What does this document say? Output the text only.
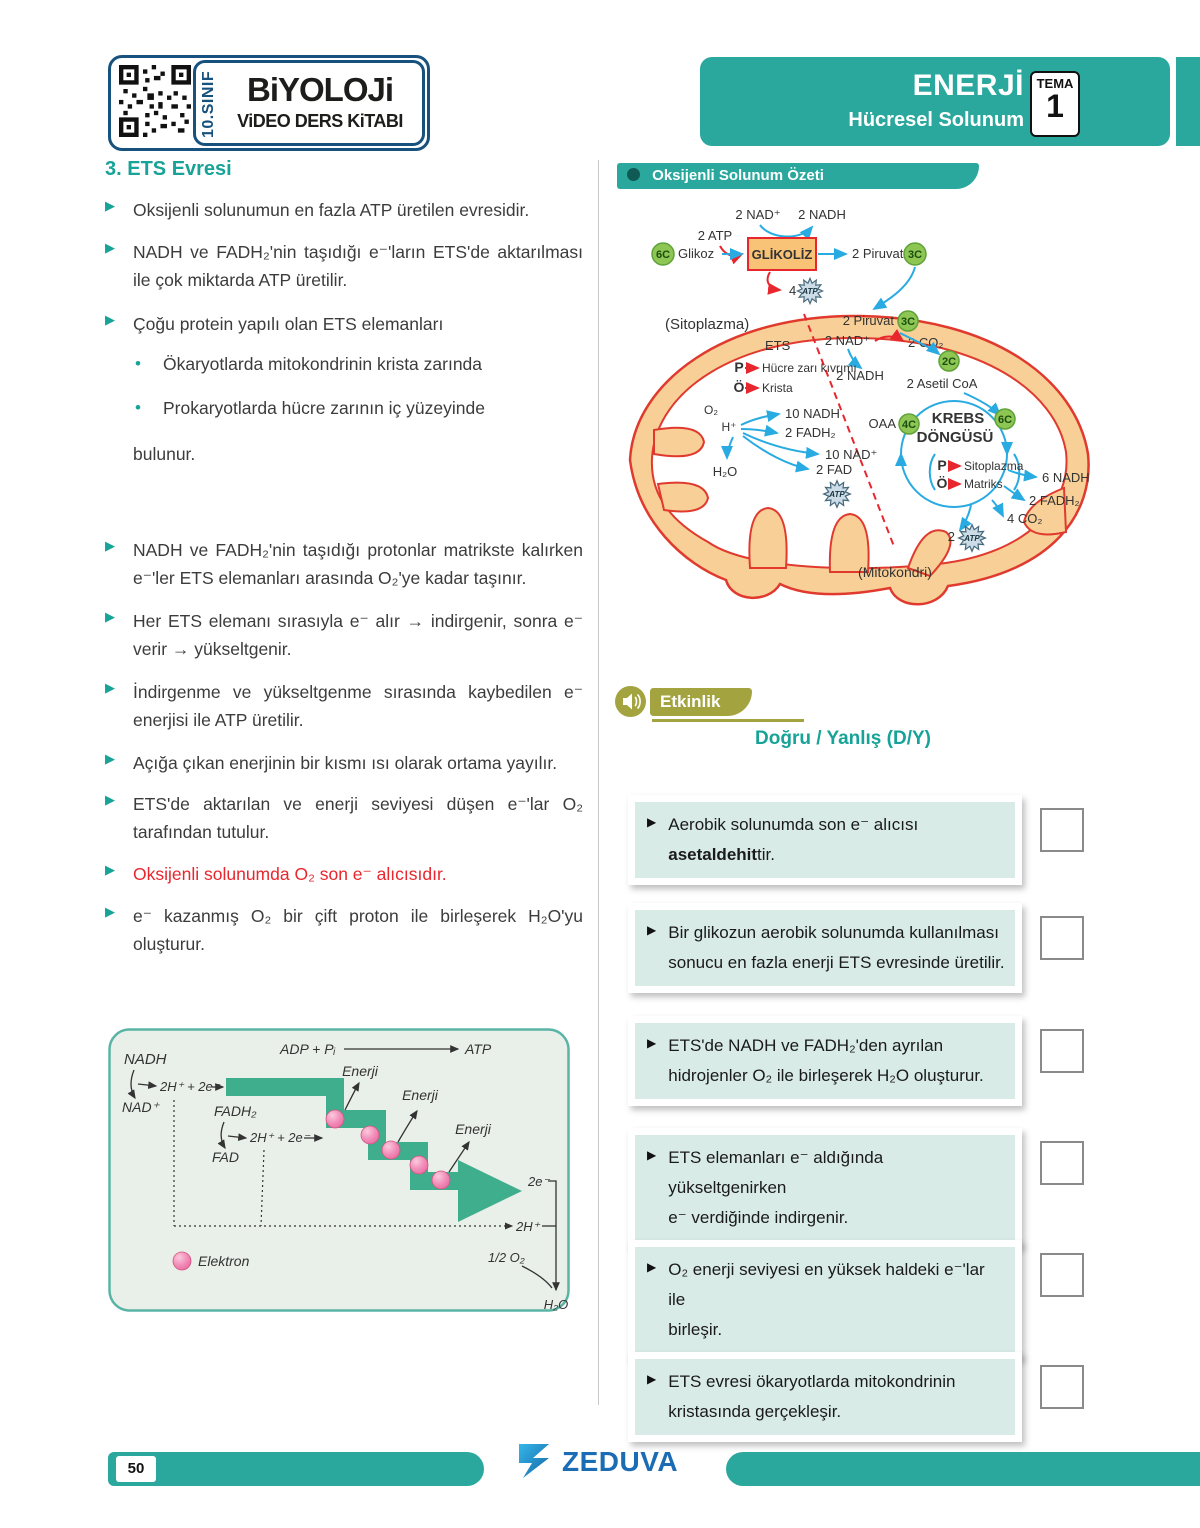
10.SINIF BiYOLOJi
ViDEO DERS KiTABI
ENERJİ
Hücresel Solunum
TEMA
1
3. ETS Evresi
▶ Oksijenli solunumun en fazla ATP üretilen evresidir.

▶ NADH ve FADH₂'nin taşıdığı e⁻'ların ETS'de aktarılması ile çok miktarda ATP üretilir.

▶ Çoğu protein yapılı olan ETS elemanları

• Ökaryotlarda mitokondrinin krista zarında

• Prokaryotlarda hücre zarının iç yüzeyinde

bulunur.
▶ NADH ve FADH₂'nin taşıdığı protonlar matrikste kalırken e⁻'ler ETS elemanları arasında O₂'ye kadar taşınır.

▶ Her ETS elemanı sırasıyla e⁻ alır → indirgenir, sonra e⁻ verir → yükseltgenir.

▶ İndirgenme ve yükseltgenme sırasında kaybedilen e⁻ enerjisi ile ATP üretilir.

▶ Açığa çıkan enerjinin bir kısmı ısı olarak ortama yayılır.

▶ ETS'de aktarılan ve enerji seviyesi düşen e⁻'lar O₂ tarafından tutulur.

▶ Oksijenli solunumda O₂ son e⁻ alıcısıdır.

▶ e⁻ kazanmış O₂ bir çift proton ile birleşerek H₂O'yu oluşturur.

ADP + Pᵢ	ATP
NADH
NAD⁺
2H⁺ + 2e⁻
FADH₂
FAD
2H⁺ + 2e⁻
Enerji
Enerji
Enerji
2e⁻
2H⁺
1/2 O₂
H₂O
Elektron
Oksijenli Solunum Özeti
2 NAD⁺ 2 NADH
2 ATP
6C Glikoz	GLİKOLİZ	2 Piruvat 3C
4 ATP
(Sitoplazma)	2 Piruvat 3C
2 NAD⁺	2 CO₂
2 NADH
2C
2 Asetil CoA
KREBS
DÖNGÜSÜ
OAA 4C	6C
P Sitoplazma
Ö Matriks	6 NADH
2 FADH₂
4 CO₂
2 ATP
ETS
P Hücre zarı kıvrımı
Ö Krista
O₂
H⁺
10 NADH
2 FADH₂
10 NAD⁺
2 FAD
H₂O
ATP
(Mitokondri)
Etkinlik
Doğru / Yanlış (D/Y)
▶ Aerobik solunumda son e⁻ alıcısı
asetaldehittir.
▶ Bir glikozun aerobik solunumda kullanılması
sonucu en fazla enerji ETS evresinde üretilir.
▶ ETS'de NADH ve FADH₂'den ayrılan
hidrojenler O₂ ile birleşerek H₂O oluşturur.
▶ ETS elemanları e⁻ aldığında yükseltgenirken
e⁻ verdiğinde indirgenir.
▶ O₂ enerji seviyesi en yüksek haldeki e⁻'lar ile
birleşir.
▶ ETS evresi ökaryotlarda mitokondrinin
kristasında gerçekleşir.
50	ZEDUVA
